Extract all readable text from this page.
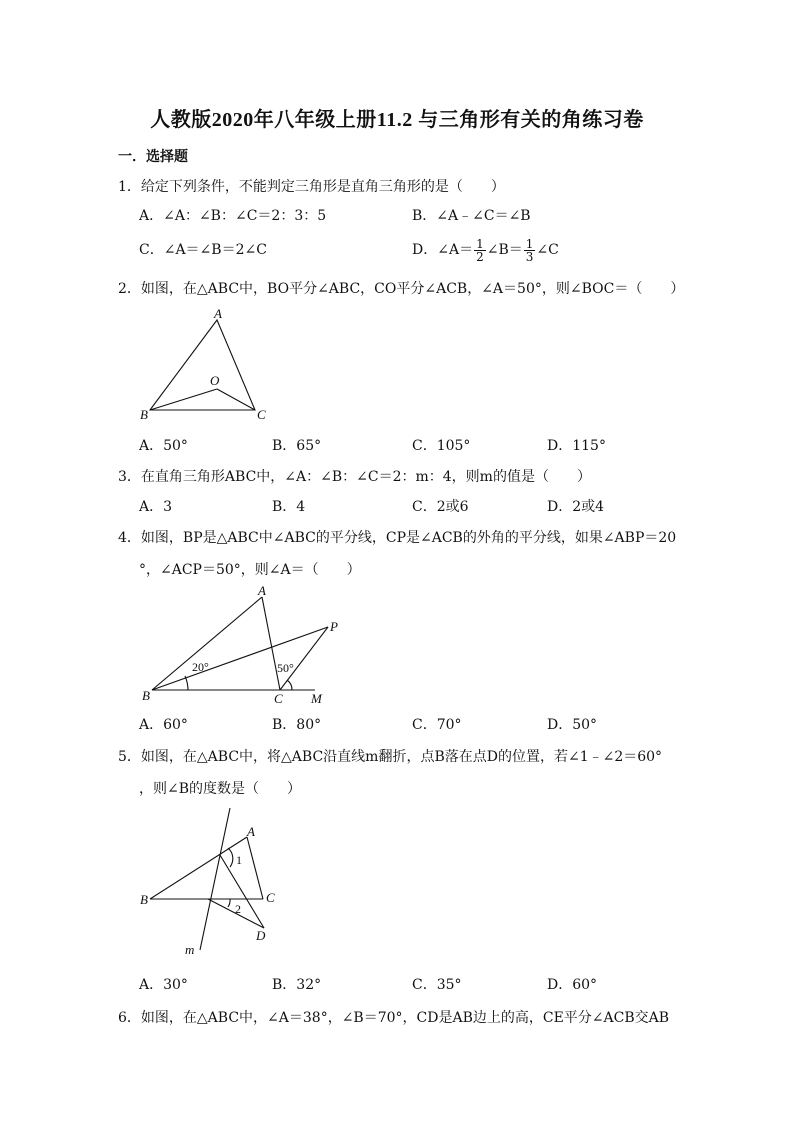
人教版2020年八年级上册11.2 与三角形有关的角练习卷
一．选择题
1．给定下列条件，不能判定三角形是直角三角形的是（　　）
A．∠A：∠B：∠C＝2：3：5	B．∠A﹣∠C＝∠B
C．∠A＝∠B＝2∠C	D．∠A＝ $\frac{1}{2}$ ∠B＝ $\frac{1}{3}$ ∠C
2．如图，在△ABC中，BO平分∠ABC，CO平分∠ACB，∠A＝50°，则∠BOC＝（　　）
A
B	C
O
A．50°	B．65°	C．105°	D．115°
3．在直角三角形ABC中，∠A：∠B：∠C＝2：m：4，则m的值是（　　）
A．3	B．4	C．2或6	D．2或4
4．如图，BP是△ABC中∠ABC的平分线，CP是∠ACB的外角的平分线，如果∠ABP＝20
°，∠ACP＝50°，则∠A＝（　　）
A
B	C
P
M
20°	50°
A．60°	B．80°	C．70°	D．50°
5．如图，在△ABC中，将△ABC沿直线m翻折，点B落在点D的位置，若∠1﹣∠2＝60°
，则∠B的度数是（　　）
A
B	C
D
m
1
2
A．30°	B．32°	C．35°	D．60°
6．如图，在△ABC中，∠A＝38°，∠B＝70°，CD是AB边上的高，CE平分∠ACB交AB
